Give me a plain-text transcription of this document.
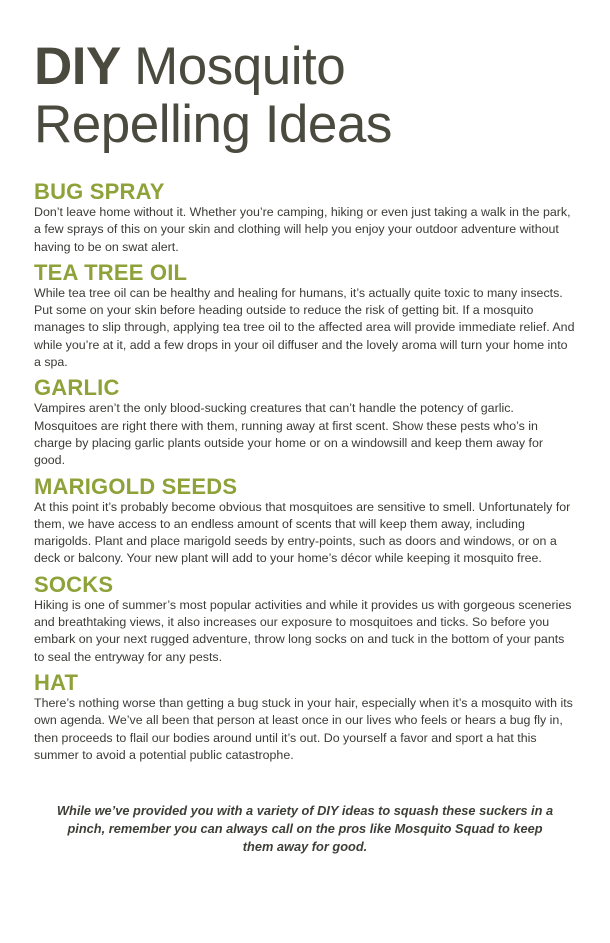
DIY Mosquito
Repelling Ideas
BUG SPRAY

Don’t leave home without it. Whether you’re camping, hiking or even just taking a walk in the park, a few sprays of this on your skin and clothing will help you enjoy your outdoor adventure without having to be on swat alert.

TEA TREE OIL

While tea tree oil can be healthy and healing for humans, it’s actually quite toxic to many insects. Put some on your skin before heading outside to reduce the risk of getting bit. If a mosquito manages to slip through, applying tea tree oil to the affected area will provide immediate relief. And while you’re at it, add a few drops in your oil diffuser and the lovely aroma will turn your home into a spa.

GARLIC

Vampires aren’t the only blood-sucking creatures that can’t handle the potency of garlic. Mosquitoes are right there with them, running away at first scent. Show these pests who’s in charge by placing garlic plants outside your home or on a windowsill and keep them away for good.

MARIGOLD SEEDS

At this point it’s probably become obvious that mosquitoes are sensitive to smell. Unfortunately for them, we have access to an endless amount of scents that will keep them away, including marigolds. Plant and place marigold seeds by entry-points, such as doors and windows, or on a deck or balcony. Your new plant will add to your home’s décor while keeping it mosquito free.

SOCKS

Hiking is one of summer’s most popular activities and while it provides us with gorgeous sceneries and breathtaking views, it also increases our exposure to mosquitoes and ticks. So before you embark on your next rugged adventure, throw long socks on and tuck in the bottom of your pants to seal the entryway for any pests.

HAT

There’s nothing worse than getting a bug stuck in your hair, especially when it’s a mosquito with its own agenda. We’ve all been that person at least once in our lives who feels or hears a bug fly in, then proceeds to flail our bodies around until it’s out. Do yourself a favor and sport a hat this summer to avoid a potential public catastrophe.

While we’ve provided you with a variety of DIY ideas to squash these suckers in a pinch, remember you can always call on the pros like Mosquito Squad to keep them away for good.
